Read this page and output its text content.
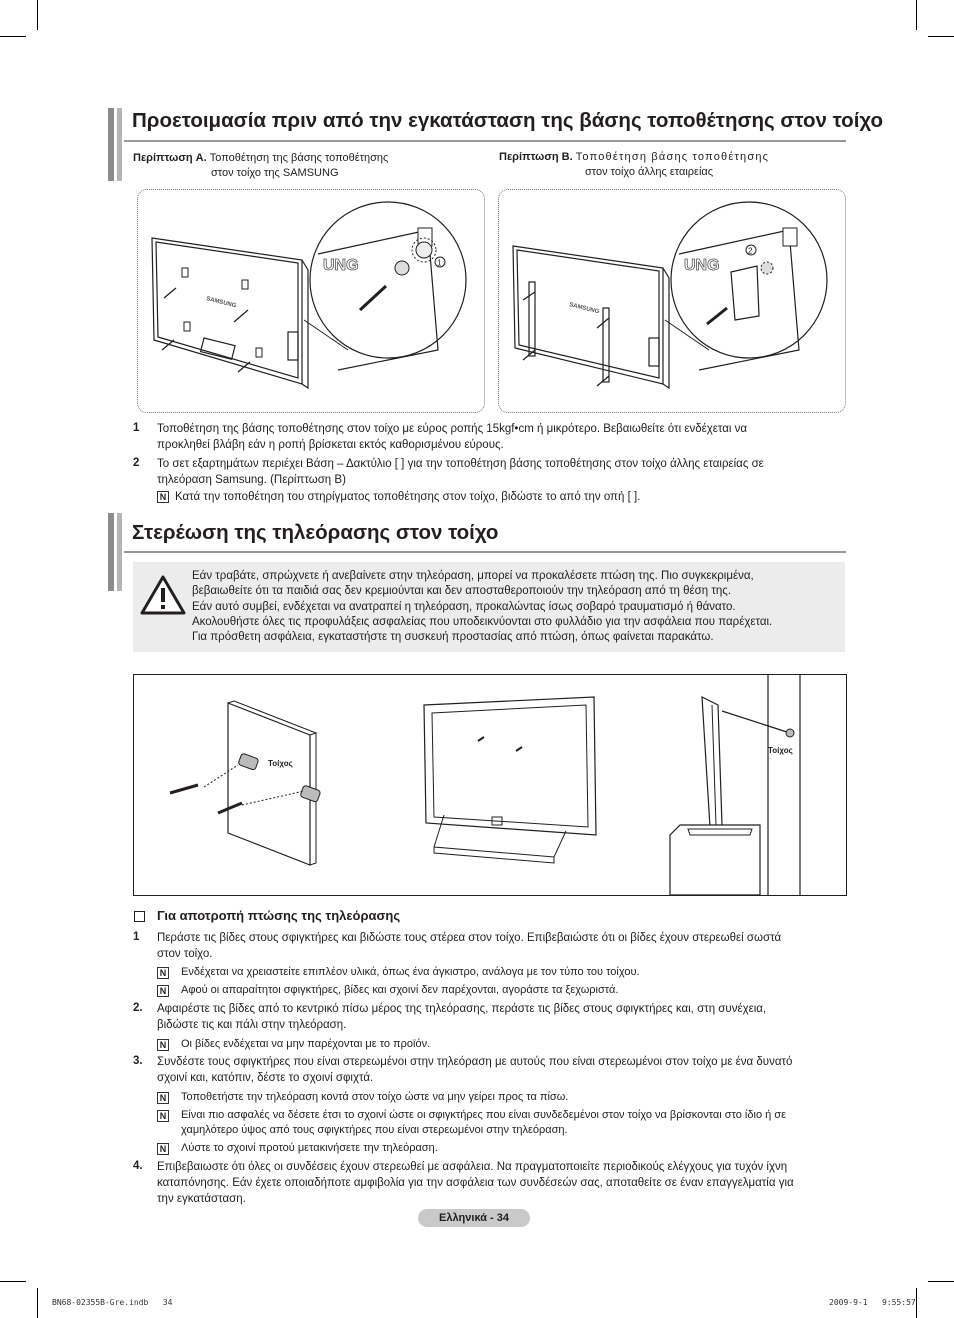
Προετοιμασία πριν από την εγκατάσταση της βάσης τοποθέτησης στον τοίχο
Περίπτωση A. Τοποθέτηση της βάσης τοποθέτησης
στον τοίχο της SAMSUNG
Περίπτωση B. Τοποθέτηση βάσης τοποθέτησης
στον τοίχο άλλης εταιρείας
SAMSUNG
UNG	1
SAMSUNG
UNG
2
1 Τοποθέτηση της βάσης τοποθέτησης στον τοίχο με εύρος ροπής 15kgf•cm ή μικρότερο. Βεβαιωθείτε ότι ενδέχεται να
προκληθεί βλάβη εάν η ροπή βρίσκεται εκτός καθορισμένου εύρους.
2 Το σετ εξαρτημάτων περιέχει Βάση – Δακτύλιο [ ] για την τοποθέτηση βάσης τοποθέτησης στον τοίχο άλλης εταιρείας σε
τηλεόραση Samsung. (Περίπτωση B)
N Κατά την τοποθέτηση του στηρίγματος τοποθέτησης στον τοίχο, βιδώστε το από την οπή [ ].
Στερέωση της τηλεόρασης στον τοίχο
Εάν τραβάτε, σπρώχνετε ή ανεβαίνετε στην τηλεόραση, μπορεί να προκαλέσετε πτώση της. Πιο συγκεκριμένα,
βεβαιωθείτε ότι τα παιδιά σας δεν κρεμιούνται και δεν αποσταθεροποιούν την τηλεόραση από τη θέση της.
Εάν αυτό συμβεί, ενδέχεται να ανατραπεί η τηλεόραση, προκαλώντας ίσως σοβαρό τραυματισμό ή θάνατο.
Ακολουθήστε όλες τις προφυλάξεις ασφαλείας που υποδεικνύονται στο φυλλάδιο για την ασφάλεια που παρέχεται.
Για πρόσθετη ασφάλεια, εγκαταστήστε τη συσκευή προστασίας από πτώση, όπως φαίνεται παρακάτω.
Τοίχος
Τοίχος
Για αποτροπή πτώσης της τηλεόρασης
1 Περάστε τις βίδες στους σφιγκτήρες και βιδώστε τους στέρεα στον τοίχο. Επιβεβαιώστε ότι οι βίδες έχουν στερεωθεί σωστά
στον τοίχο.
N Ενδέχεται να χρειαστείτε επιπλέον υλικά, όπως ένα άγκιστρο, ανάλογα με τον τύπο του τοίχου.
N Αφού οι απαραίτητοι σφιγκτήρες, βίδες και σχοινί δεν παρέχονται, αγοράστε τα ξεχωριστά.
2. Αφαιρέστε τις βίδες από το κεντρικό πίσω μέρος της τηλεόρασης, περάστε τις βίδες στους σφιγκτήρες και, στη συνέχεια,
βιδώστε τις και πάλι στην τηλεόραση.
N Οι βίδες ενδέχεται να μην παρέχονται με το προϊόν.
3. Συνδέστε τους σφιγκτήρες που είναι στερεωμένοι στην τηλεόραση με αυτούς που είναι στερεωμένοι στον τοίχο με ένα δυνατό
σχοινί και, κατόπιν, δέστε το σχοινί σφιχτά.
N Τοποθετήστε την τηλεόραση κοντά στον τοίχο ώστε να μην γείρει προς τα πίσω.
N Είναι πιο ασφαλές να δέσετε έτσι το σχοινί ώστε οι σφιγκτήρες που είναι συνδεδεμένοι στον τοίχο να βρίσκονται στο ίδιο ή σε
χαμηλότερο ύψος από τους σφιγκτήρες που είναι στερεωμένοι στην τηλεόραση.
N Λύστε το σχοινί προτού μετακινήσετε την τηλεόραση.
4. Επιβεβαιωστε ότι όλες οι συνδέσεις έχουν στερεωθεί με ασφάλεια. Να πραγματοποιείτε περιοδικούς ελέγχους για τυχόν ίχνη
καταπόνησης. Εάν έχετε οποιαδήποτε αμφιβολία για την ασφάλεια των συνδέσεών σας, αποταθείτε σε έναν επαγγελματία για
την εγκατάσταση.
Ελληνικά - 34
BN68-02355B-Gre.indb   34	2009-9-1   9:55:57
